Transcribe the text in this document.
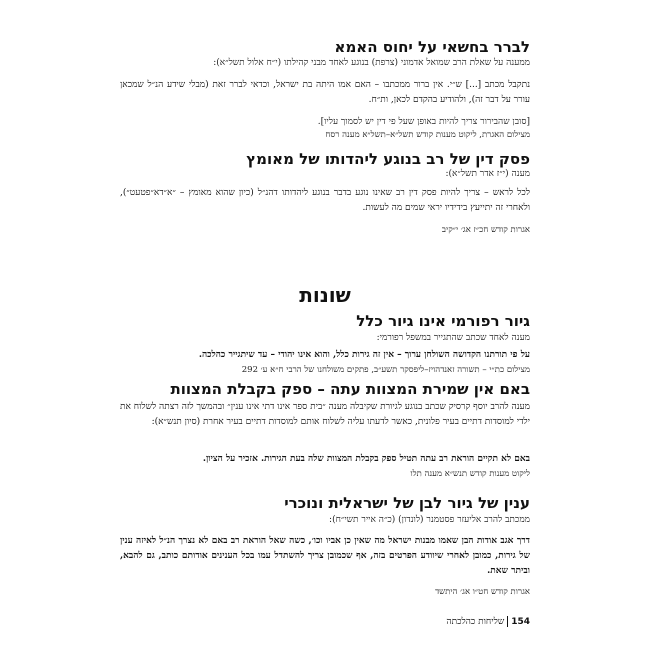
לברר בחשאי על יחוס האמא
ממענה על שאלת הרב שמואל אדמוני (צרפת) בנוגע לאחד מבני קהילתו (י״ח אלול תשל״א):
נתקבל מכתב [...] ש״י. אין ברור ממכתבו – האם אמו היתה בת ישראל, וכדאי לברר זאת (מבלי שידע הנ״ל שמכאן עורר על דבר זה), ולהודיע בהקדם לכאן, ות״ח.
[סובן שהבירור צריך להיות באופן שעל פי דין יש לסמוך עליו].
מצילום האגרת, ליקוט מענות קודש תשל״א–תשל״א מענה רסח
פסק דין של רב בנוגע ליהדותו של מאומץ
מענה (י״ז אדר תשל״א):
לכל לראש – צריך להיות פסק דין רב שאינו נוגע בדבר בנוגע ליהדותו דהנ״ל (כיון שהוא מאומץ – ״א״דא״פטעט״), ולאחרי זה יתייעץ בידידיו יראי שמים מה לעשות.
אגרות קודש חכ״ז אג׳ י״קיב
שונות
גיור רפורמי אינו גיור כלל
מענה לאחד שכתב שהתגייר במשפל רפורמי:
על פי תורתנו הקדושה השולחן ערוך – אין זה גירות כלל, והוא אינו יהודי – עד שיתגייר כהלכה.
מצילום כת״י – תשורה זאנדהויז–ליפסקר תשע״ב, פתקים משולחנו של הרבי ח״א ע׳ 292
באם אין שמירת המצוות עתה – ספק בקבלת המצוות
מענה להרב יוסף קרסיק שכתב בנוגע לגיורת שקיבלה מענה ״בית ספר אינו דתי אינו ענין״ ובהמשך לזה רצתה לשלוח את ילדי למוסדות דתיים בעיר פלונית, כאשר לדעתו עליה לשלוח אותם למוסדות דתיים בעיר אחרת (סיון תנש״א):
באם לא תקיים הוראת רב עתה תטיל ספק בקבלת המצוות שלה בעת הגירות. אזכיר על הציון.
ליקוט מענות קודש תנש״א מענה תלו
ענין של גיור לבן של ישראלית ונוכרי
ממכתב להרב אליעזר פסטמנר (לונדון) (כ״ה אייר תשי״ח):
דרך אגב אודות הבן שאמו מבנות ישראל מה שאין כן אביו וכו׳, כשה שאל הוראת רב באם לא נצרך הנ״ל לאיזה ענין של גירות, כמובן לאחרי שיוודע הפרטים בזה, אף שכמובן צריך להשתדל עמו בכל הענינים אודותם כותב, גם להבא, וביתר שאת.
אגרות קודש חט״ו אג׳ היתשד
154שליחות כהלכתה
